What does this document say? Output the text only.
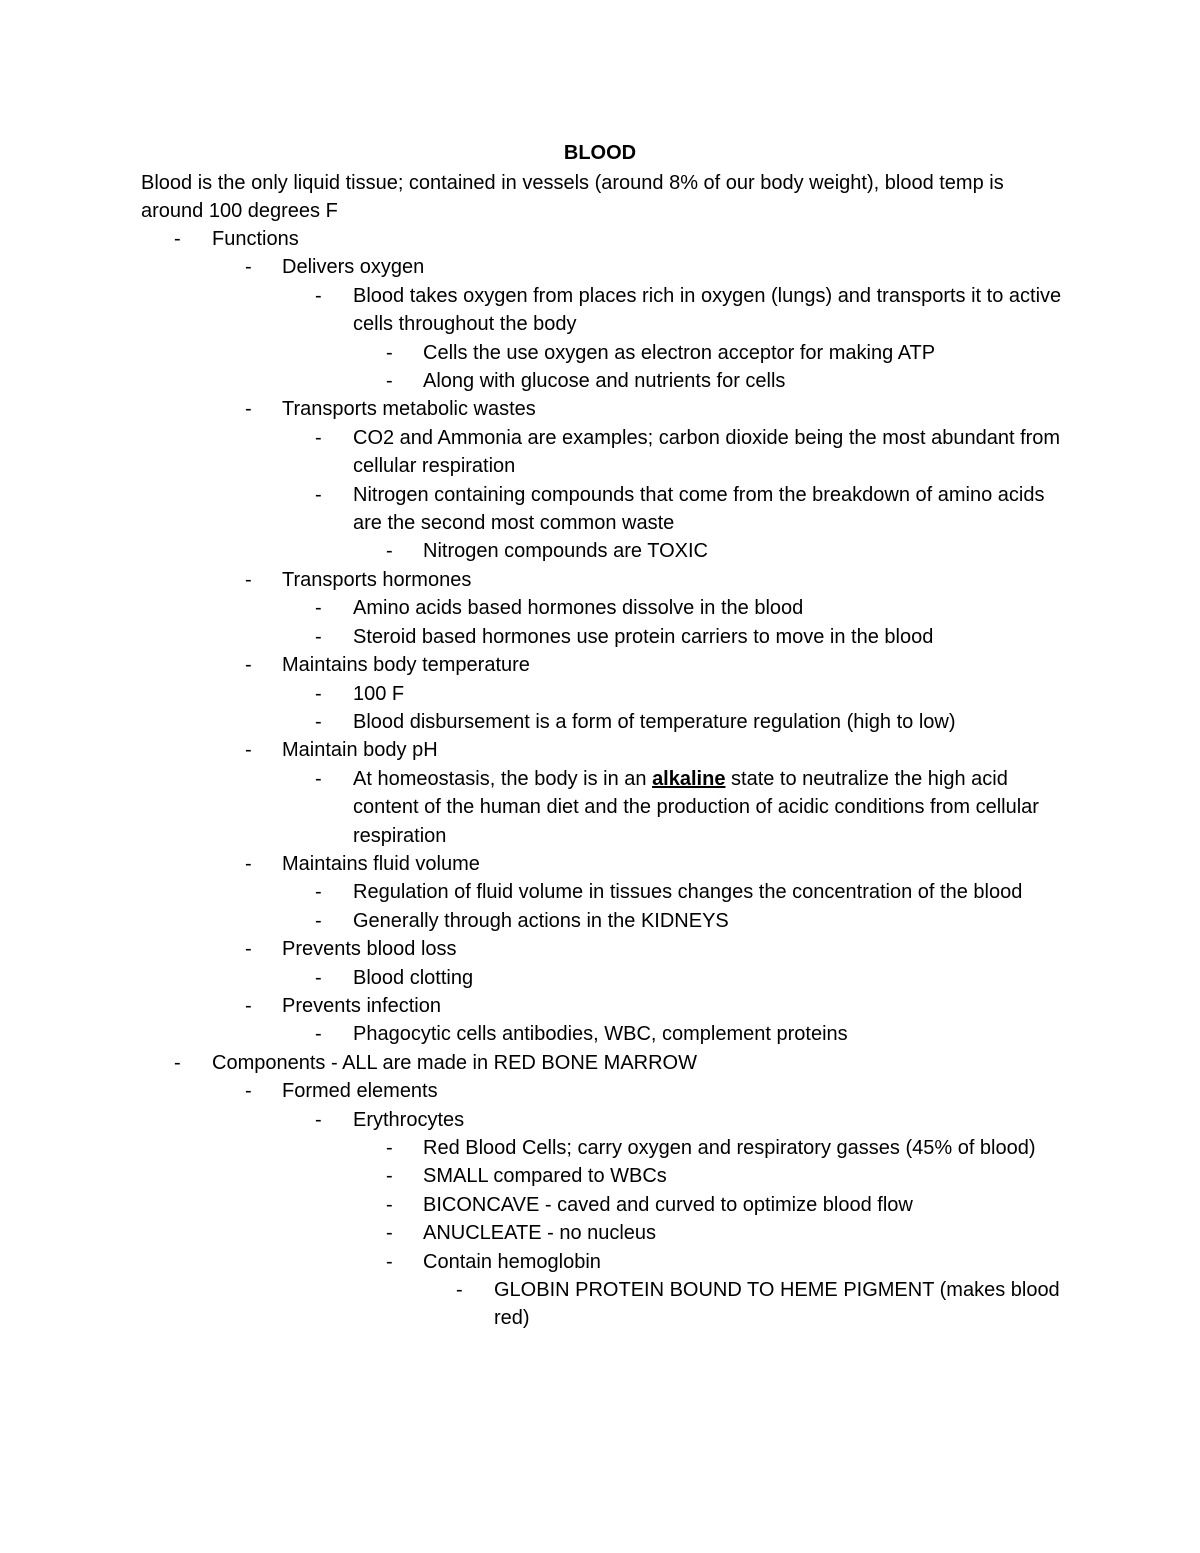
BLOOD
Blood is the only liquid tissue; contained in vessels (around 8% of our body weight), blood temp is around 100 degrees F
-	Functions
-	Delivers oxygen
-	Blood takes oxygen from places rich in oxygen (lungs) and transports it to active cells throughout the body
-	Cells the use oxygen as electron acceptor for making ATP
-	Along with glucose and nutrients for cells
-	Transports metabolic wastes
-	CO2 and Ammonia are examples; carbon dioxide being the most abundant from cellular respiration
-	Nitrogen containing compounds that come from the breakdown of amino acids are the second most common waste
-	Nitrogen compounds are TOXIC
-	Transports hormones
-	Amino acids based hormones dissolve in the blood
-	Steroid based hormones use protein carriers to move in the blood
-	Maintains body temperature
-	100 F
-	Blood disbursement is a form of temperature regulation (high to low)
-	Maintain body pH
-	At homeostasis, the body is in an alkaline state to neutralize the high acid content of the human diet and the production of acidic conditions from cellular respiration
-	Maintains fluid volume
-	Regulation of fluid volume in tissues changes the concentration of the blood
-	Generally through actions in the KIDNEYS
-	Prevents blood loss
-	Blood clotting
-	Prevents infection
-	Phagocytic cells antibodies, WBC, complement proteins
-	Components - ALL are made in RED BONE MARROW
-	Formed elements
-	Erythrocytes
-	Red Blood Cells; carry oxygen and respiratory gasses (45% of blood)
-	SMALL compared to WBCs
-	BICONCAVE - caved and curved to optimize blood flow
-	ANUCLEATE - no nucleus
-	Contain hemoglobin
-	GLOBIN PROTEIN BOUND TO HEME PIGMENT (makes blood red)
